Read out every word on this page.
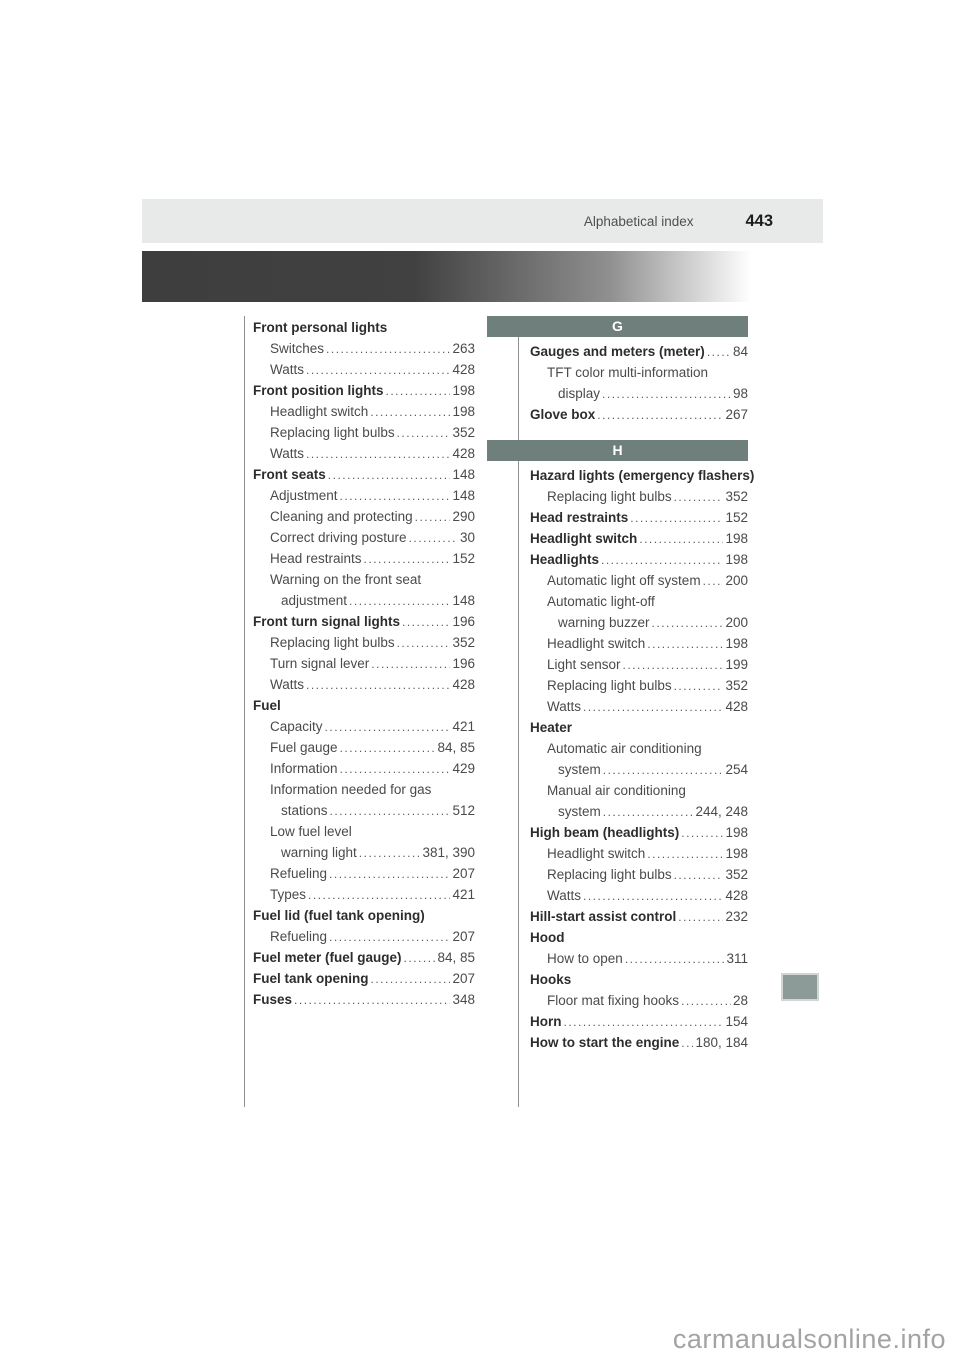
Alphabetical index	443
Front personal lights
Switches .....	263
Watts .....	428
Front position lights .....	198
Headlight switch .....	198
Replacing light bulbs .....	352
Watts .....	428
Front seats .....	148
Adjustment .....	148
Cleaning and protecting .....	290
Correct driving posture .....	30
Head restraints .....	152
Warning on the front seat
adjustment .....	148
Front turn signal lights .....	196
Replacing light bulbs .....	352
Turn signal lever .....	196
Watts .....	428
Fuel
Capacity .....	421
Fuel gauge .....	84, 85
Information .....	429
Information needed for gas
stations .....	512
Low fuel level
warning light .....	381, 390
Refueling .....	207
Types .....	421
Fuel lid (fuel tank opening)
Refueling .....	207
Fuel meter (fuel gauge) .....	84, 85
Fuel tank opening .....	207
Fuses .....	348
G
Gauges and meters (meter) ..... 84
TFT color multi-information
display .....	98
Glove box .....	267
H
Hazard lights (emergency flashers)
Replacing light bulbs .....	352
Head restraints .....	152
Headlight switch .....	198
Headlights .....	198
Automatic light off system ..... 200
Automatic light-off
warning buzzer .....	200
Headlight switch .....	198
Light sensor .....	199
Replacing light bulbs .....	352
Watts .....	428
Heater
Automatic air conditioning
system .....	254
Manual air conditioning
system .....	244, 248
High beam (headlights) .....	198
Headlight switch .....	198
Replacing light bulbs .....	352
Watts .....	428
Hill-start assist control .....	232
Hood
How to open .....	311
Hooks
Floor mat fixing hooks .....	28
Horn .....	154
How to start the engine ..... 180, 184
carmanualsonline.info
